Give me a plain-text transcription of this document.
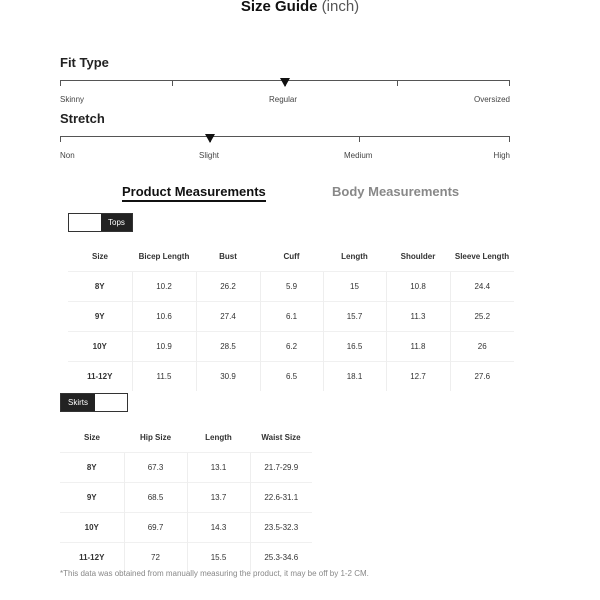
Size Guide (inch)
Fit Type
Skinny	Regular	Oversized
Stretch
Non	Slight	Medium	High
Product Measurements	Body Measurements
Tops
Size	Bicep Length	Bust	Cuff	Length	Shoulder	Sleeve Length
8Y	10.2	26.2	5.9	15	10.8	24.4
9Y	10.6	27.4	6.1	15.7	11.3	25.2
10Y	10.9	28.5	6.2	16.5	11.8	26
11-12Y	11.5	30.9	6.5	18.1	12.7	27.6
Skirts
Size	Hip Size	Length	Waist Size
8Y	67.3	13.1	21.7-29.9
9Y	68.5	13.7	22.6-31.1
10Y	69.7	14.3	23.5-32.3
11-12Y	72	15.5	25.3-34.6
*This data was obtained from manually measuring the product, it may be off by 1-2 CM.
